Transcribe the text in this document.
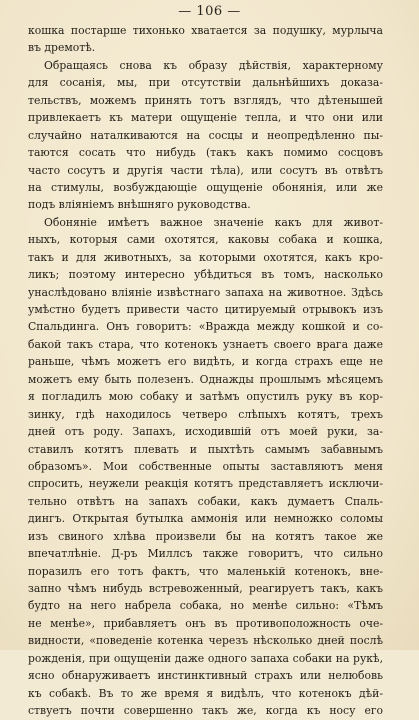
— 106 —
кошка постарше тихонько хватается за подушку, мурлыча
въ дремотѣ.
Обращаясь снова къ образу дѣйствія, характерному
для сосанія, мы, при отсутствіи дальнѣйшихъ доказа-
тельствъ, можемъ принять тотъ взглядъ, что дѣтенышей
привлекаетъ къ матери ощущеніе тепла, и что они или
случайно наталкиваются на сосцы и неопредѣленно пы-
таются сосать что нибудь (такъ какъ помимо сосцовъ
часто сосутъ и другія части тѣла), или сосутъ въ отвѣтъ
на стимулы, возбуждающіе ощущеніе обонянія, или же
подъ вліяніемъ внѣшняго руководства.
Обоняніе имѣетъ важное значеніе какъ для живот-
ныхъ, которыя сами охотятся, каковы собака и кошка,
такъ и для животныхъ, за которыми охотятся, какъ кро-
ликъ; поэтому интересно убѣдиться въ томъ, насколько
унаслѣдовано вліяніе извѣстнаго запаха на животное. Здѣсь
умѣстно будетъ привести часто цитируемый отрывокъ изъ
Спальдинга. Онъ говоритъ: «Вражда между кошкой и со-
бакой такъ стара, что котенокъ узнаетъ своего врага даже
раньше, чѣмъ можетъ его видѣть, и когда страхъ еще не
можетъ ему быть полезенъ. Однажды прошлымъ мѣсяцемъ
я погладилъ мою собаку и затѣмъ опустилъ руку въ кор-
зинку, гдѣ находилось четверо слѣпыхъ котятъ, трехъ
дней отъ роду. Запахъ, исходившій отъ моей руки, за-
ставилъ котятъ плевать и пыхтѣть самымъ забавнымъ
образомъ». Мои собственные опыты заставляютъ меня
спросить, неужели реакція котятъ представляетъ исключи-
тельно отвѣтъ на запахъ собаки, какъ думаетъ Спаль-
дингъ. Открытая бутылка аммонія или немножко соломы
изъ свиного хлѣва произвели бы на котятъ такое же
впечатлѣніе. Д-ръ Миллсъ также говоритъ, что сильно
поразилъ его тотъ фактъ, что маленькій котенокъ, вне-
запно чѣмъ нибудь встревоженный, реагируетъ такъ, какъ
будто на него набрела собака, но менѣе сильно: «Тѣмъ
не менѣе», прибавляетъ онъ въ противоположность оче-
видности, «поведеніе котенка черезъ нѣсколько дней послѣ
рожденія, при ощущеніи даже одного запаха собаки на рукѣ,
ясно обнаруживаетъ инстинктивный страхъ или нелюбовь
къ собакѣ. Въ то же время я видѣлъ, что котенокъ дѣй-
ствуетъ почти совершенно такъ же, когда къ носу его
